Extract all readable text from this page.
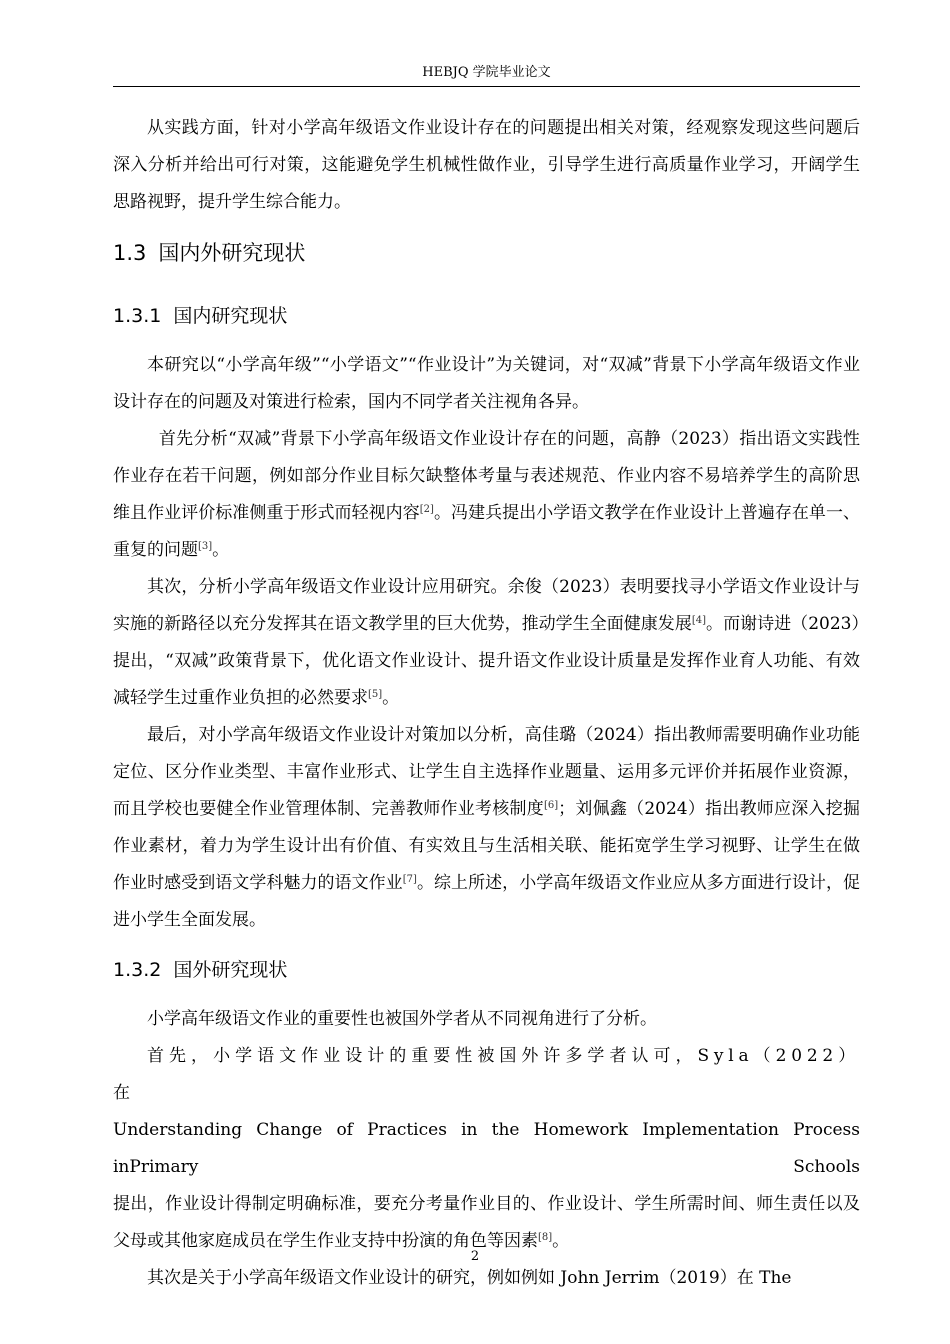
HEBJQ 学院毕业论文

从实践方面，针对小学高年级语文作业设计存在的问题提出相关对策，经观察发现这些问题后深入分析并给出可行对策，这能避免学生机械性做作业，引导学生进行高质量作业学习，开阔学生思路视野，提升学生综合能力。

1.3 国内外研究现状
1.3.1 国内研究现状

本研究以“小学高年级”“小学语文”“作业设计”为关键词，对“双减”背景下小学高年级语文作业设计存在的问题及对策进行检索，国内不同学者关注视角各异。

首先分析“双减”背景下小学高年级语文作业设计存在的问题，高静（2023）指出语文实践性作业存在若干问题，例如部分作业目标欠缺整体考量与表述规范、作业内容不易培养学生的高阶思维且作业评价标准侧重于形式而轻视内容[2]。冯建兵提出小学语文教学在作业设计上普遍存在单一、重复的问题[3]。

其次，分析小学高年级语文作业设计应用研究。余俊（2023）表明要找寻小学语文作业设计与实施的新路径以充分发挥其在语文教学里的巨大优势，推动学生全面健康发展[4]。而谢诗进（2023）提出，“双减”政策背景下，优化语文作业设计、提升语文作业设计质量是发挥作业育人功能、有效减轻学生过重作业负担的必然要求[5]。

最后，对小学高年级语文作业设计对策加以分析，高佳璐（2024）指出教师需要明确作业功能定位、区分作业类型、丰富作业形式、让学生自主选择作业题量、运用多元评价并拓展作业资源，而且学校也要健全作业管理体制、完善教师作业考核制度[6]；刘佩鑫（2024）指出教师应深入挖掘作业素材，着力为学生设计出有价值、有实效且与生活相关联、能拓宽学生学习视野、让学生在做作业时感受到语文学科魅力的语文作业[7]。综上所述，小学高年级语文作业应从多方面进行设计，促进小学生全面发展。

1.3.2 国外研究现状

小学高年级语文作业的重要性也被国外学者从不同视角进行了分析。

首先，小学语文作业设计的重要性被国外许多学者认可，Syla（2022）在

Understanding Change of Practices in the Homework Implementation Process inPrimary Schools

提出，作业设计得制定明确标准，要充分考量作业目的、作业设计、学生所需时间、师生责任以及父母或其他家庭成员在学生作业支持中扮演的角色等因素[8]。

其次是关于小学高年级语文作业设计的研究，例如例如 John Jerrim（2019）在 The

2
